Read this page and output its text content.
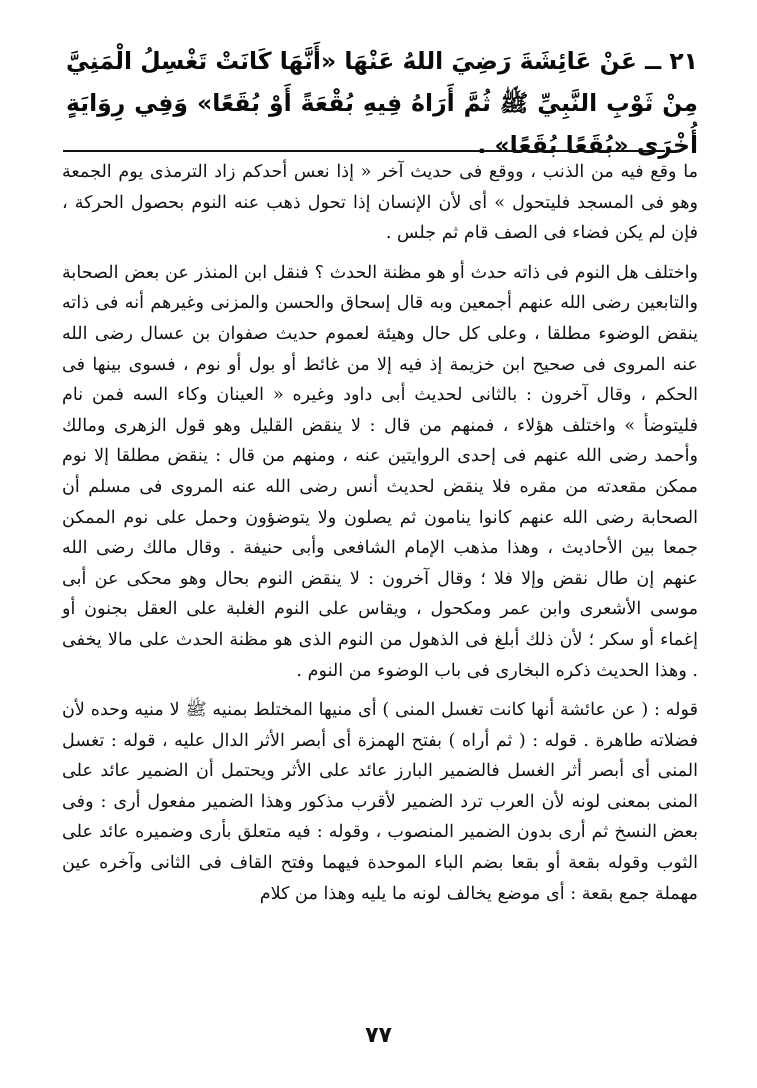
٢١ ــ عَنْ عَائِشَةَ رَضِيَ اللهُ عَنْهَا «أَنَّهَا كَانَتْ تَغْسِلُ الْمَنِيَّ مِنْ ثَوْبِ النَّبِيِّ ﷺ ثُمَّ أَرَاهُ فِيهِ بُقْعَةً أَوْ بُقَعًا» وَفِي رِوَايَةٍ أُخْرَى «بُقَعًا بُقَعًا» .

ما وقع فيه من الذنب ، ووقع فى حديث آخر « إذا نعس أحدكم زاد الترمذى يوم الجمعة وهو فى المسجد فليتحول » أى لأن الإنسان إذا تحول ذهب عنه النوم بحصول الحركة ، فإن لم يكن فضاء فى الصف قام ثم جلس .

واختلف هل النوم فى ذاته حدث أو هو مظنة الحدث ؟ فنقل ابن المنذر عن بعض الصحابة والتابعين رضى الله عنهم أجمعين وبه قال إسحاق والحسن والمزنى وغيرهم أنه فى ذاته ينقض الوضوء مطلقا ، وعلى كل حال وهيئة لعموم حديث صفوان بن عسال رضى الله عنه المروى فى صحيح ابن خزيمة إذ فيه إلا من غائط أو بول أو نوم ، فسوى بينها فى الحكم ، وقال آخرون : بالثانى لحديث أبى داود وغيره « العينان وكاء السه فمن نام فليتوضأ » واختلف هؤلاء ، فمنهم من قال : لا ينقض القليل وهو قول الزهرى ومالك وأحمد رضى الله عنهم فى إحدى الروايتين عنه ، ومنهم من قال : ينقض مطلقا إلا نوم ممكن مقعدته من مقره فلا ينقض لحديث أنس رضى الله عنه المروى فى مسلم أن الصحابة رضى الله عنهم كانوا ينامون ثم يصلون ولا يتوضؤون وحمل على نوم الممكن جمعا بين الأحاديث ، وهذا مذهب الإمام الشافعى وأبى حنيفة . وقال مالك رضى الله عنهم إن طال نقض وإلا فلا ؛ وقال آخرون : لا ينقض النوم بحال وهو محكى عن أبى موسى الأشعرى وابن عمر ومكحول ، ويقاس على النوم الغلبة على العقل بجنون أو إغماء أو سكر ؛ لأن ذلك أبلغ فى الذهول من النوم الذى هو مظنة الحدث على مالا يخفى . وهذا الحديث ذكره البخارى فى باب الوضوء من النوم .

قوله : ( عن عائشة أنها كانت تغسل المنى ) أى منيها المختلط بمنيه ﷺ لا منيه وحده لأن فضلاته طاهرة . قوله : ( ثم أراه ) بفتح الهمزة أى أبصر الأثر الدال عليه ، قوله : تغسل المنى أى أبصر أثر الغسل فالضمير البارز عائد على الأثر ويحتمل أن الضمير عائد على المنى بمعنى لونه لأن العرب ترد الضمير لأقرب مذكور وهذا الضمير مفعول أرى : وفى بعض النسخ ثم أرى بدون الضمير المنصوب ، وقوله : فيه متعلق بأرى وضميره عائد على الثوب وقوله بقعة أو بقعا بضم الباء الموحدة فيهما وفتح القاف فى الثانى وآخره عين مهملة جمع بقعة : أى موضع يخالف لونه ما يليه وهذا من كلام

٧٧
